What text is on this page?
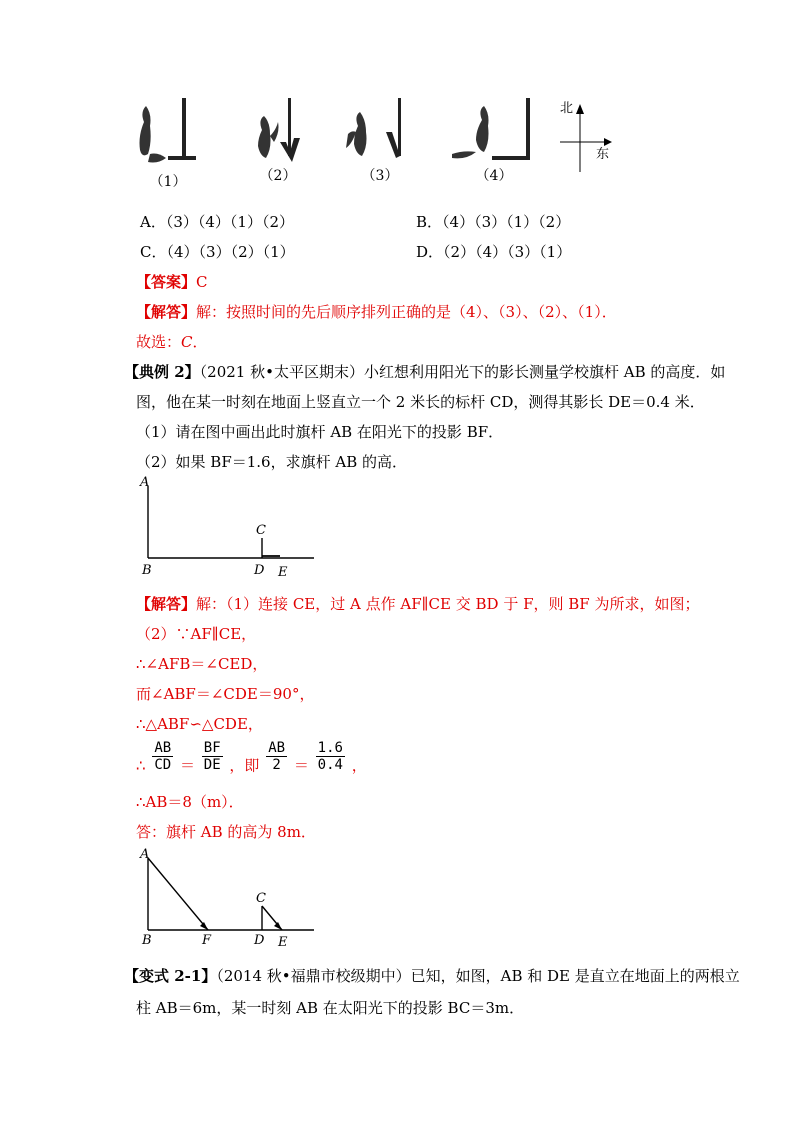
（1）	（2）	（3）	（4）
北
东
A．（3）（4）（1）（2）	B．（4）（3）（1）（2）
C．（4）（3）（2）（1）	D．（2）（4）（3）（1）
【答案】C
【解答】解：按照时间的先后顺序排列正确的是（4）、（3）、（2）、（1）．
故选：C．
【典例 2】（2021 秋•太平区期末）小红想利用阳光下的影长测量学校旗杆 AB 的高度．如
图，他在某一时刻在地面上竖直立一个 2 米长的标杆 CD，测得其影长 DE＝0.4 米．
（1）请在图中画出此时旗杆 AB 在阳光下的投影 BF．
（2）如果 BF＝1.6，求旗杆 AB 的高．
A
B
C
D E
【解答】解：（1）连接 CE，过 A 点作 AF∥CE 交 BD 于 F，则 BF 为所求，如图；
（2）∵AF∥CE，
∴∠AFB＝∠CED，
而∠ABF＝∠CDE＝90°，
∴△ABF∽△CDE，
∴ $\frac{AB}{CD} = \frac{BF}{DE}$ ，即 $\frac{AB}{2} = \frac{1.6}{0.4}$ ，
∴AB＝8（m）．
答：旗杆 AB 的高为 8m．
A
B	F
C
D E
【变式 2-1】（2014 秋•福鼎市校级期中）已知，如图，AB 和 DE 是直立在地面上的两根立
柱 AB＝6m，某一时刻 AB 在太阳光下的投影 BC＝3m．
